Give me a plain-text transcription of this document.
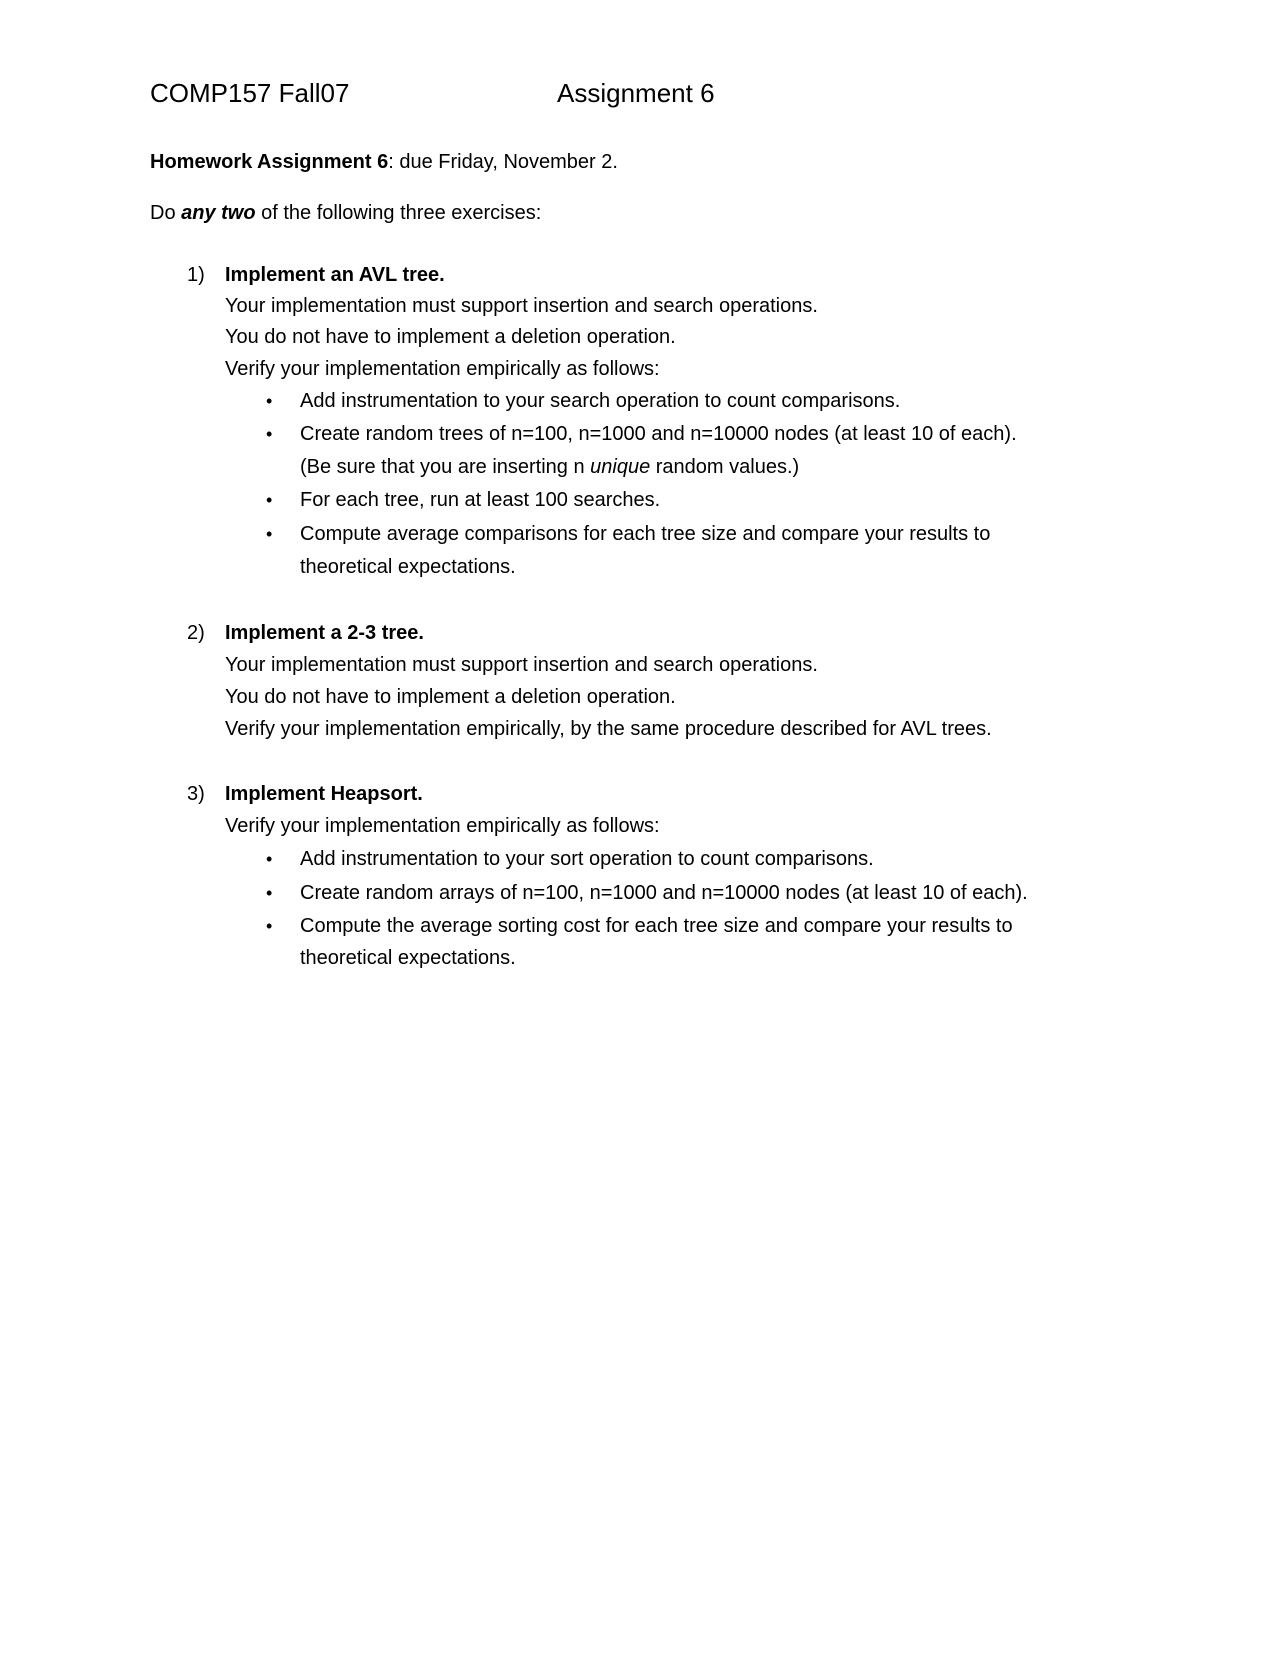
COMP157 Fall07	Assignment 6
Homework Assignment 6: due Friday, November 2.
Do any two of the following three exercises:
1) Implement an AVL tree.
Your implementation must support insertion and search operations.
You do not have to implement a deletion operation.
Verify your implementation empirically as follows:
• Add instrumentation to your search operation to count comparisons.
• Create random trees of n=100, n=1000 and n=10000 nodes (at least 10 of each).
(Be sure that you are inserting n unique random values.)
• For each tree, run at least 100 searches.
• Compute average comparisons for each tree size and compare your results to
theoretical expectations.
2) Implement a 2-3 tree.
Your implementation must support insertion and search operations.
You do not have to implement a deletion operation.
Verify your implementation empirically, by the same procedure described for AVL trees.
3) Implement Heapsort.
Verify your implementation empirically as follows:
• Add instrumentation to your sort operation to count comparisons.
• Create random arrays of n=100, n=1000 and n=10000 nodes (at least 10 of each).
• Compute the average sorting cost for each tree size and compare your results to
theoretical expectations.
